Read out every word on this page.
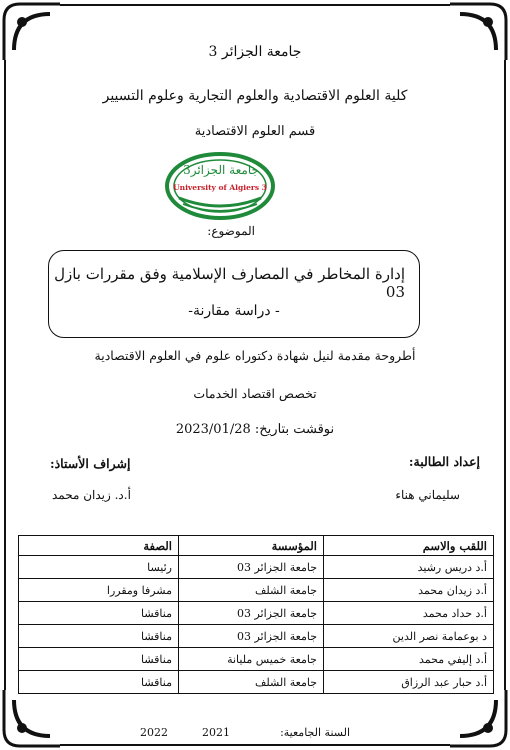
جامعة الجزائر 3
كلية العلوم الاقتصادية والعلوم التجارية وعلوم التسيير
قسم العلوم الاقتصادية
جامعة الجزائر3
University of Algiers 3
الموضوع:
إدارة المخاطر في المصارف الإسلامية وفق مقررات بازل 03
- دراسة مقارنة-
أطروحة مقدمة لنيل شهادة دكتوراه علوم في العلوم الاقتصادية
تخصص اقتصاد الخدمات
نوقشت بتاريخ: 2023/01/28
إعداد الطالبة:
إشراف الأستاذ:
سليماني هناء
أ.د. زيدان محمد
اللقب والاسم	المؤسسة	الصفة
أ.د دريس رشيد	جامعة الجزائر 03	رئيسا
أ.د زيدان محمد	جامعة الشلف	مشرفا ومقررا
أ.د حداد محمد	جامعة الجزائر 03	مناقشا
د بوعمامة نصر الدين	جامعة الجزائر 03	مناقشا
أ.د إليفي محمد	جامعة خميس مليانة	مناقشا
أ.د حبار عبد الرزاق	جامعة الشلف	مناقشا
السنة الجامعية:
2021
2022
